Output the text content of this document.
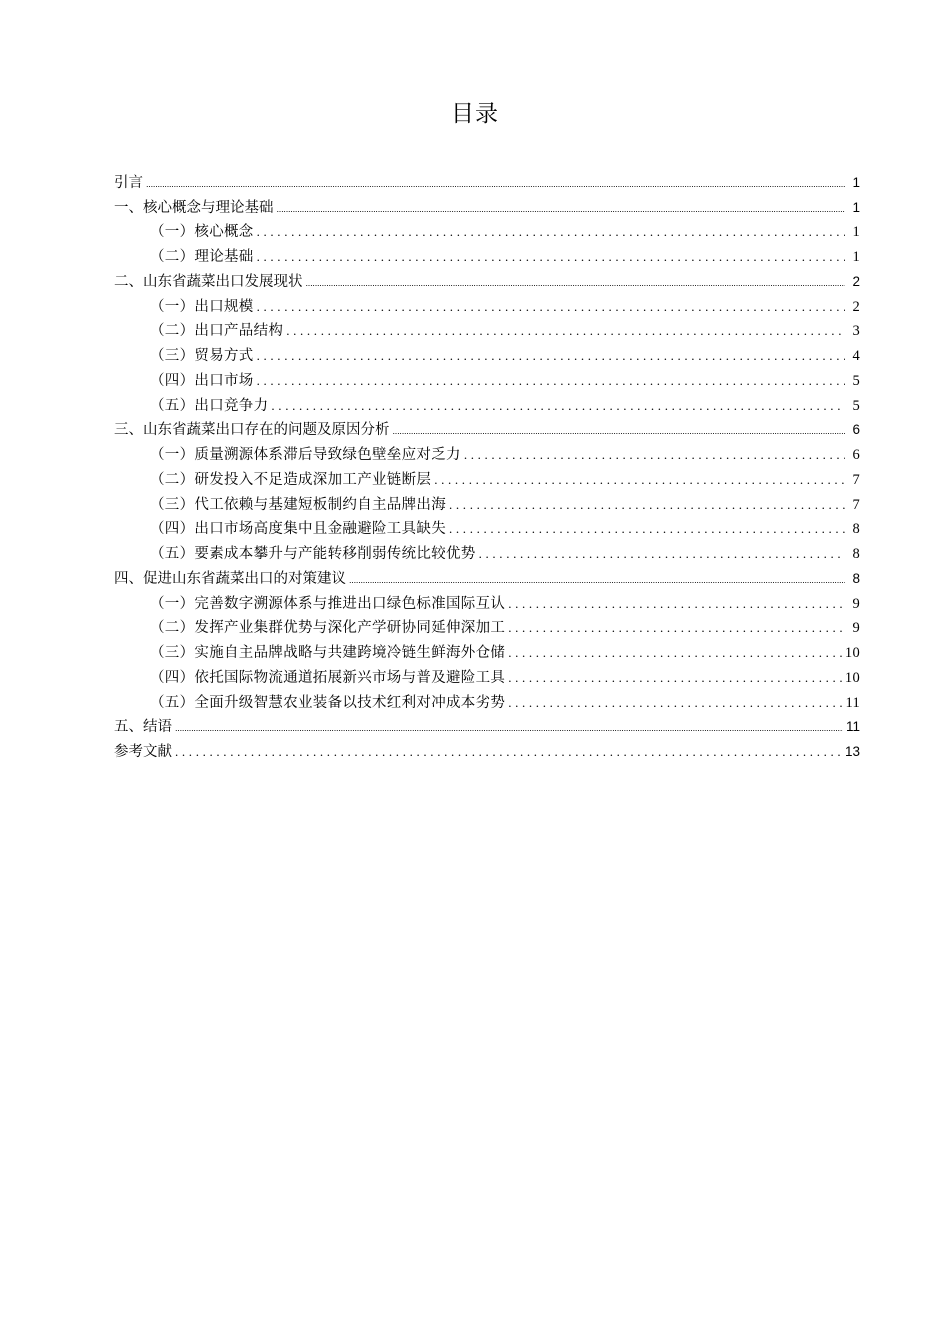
目录
引言 .....	1
一、核心概念与理论基础 .....	1
（一）核心概念 . . .	1
（二）理论基础 . . .	1
二、山东省蔬菜出口发展现状 .....	2
（一）出口规模 . . .	2
（二）出口产品结构 . . .	3
（三）贸易方式 . . .	4
（四）出口市场 . . .	5
（五）出口竞争力 . . .	5
三、山东省蔬菜出口存在的问题及原因分析 .....	6
（一）质量溯源体系滞后导致绿色壁垒应对乏力 . . .	6
（二）研发投入不足造成深加工产业链断层 . . .	7
（三）代工依赖与基建短板制约自主品牌出海 . . .	7
（四）出口市场高度集中且金融避险工具缺失 . . .	8
（五）要素成本攀升与产能转移削弱传统比较优势 . . .	8
四、促进山东省蔬菜出口的对策建议 .....	8
（一）完善数字溯源体系与推进出口绿色标准国际互认 . . .	9
（二）发挥产业集群优势与深化产学研协同延伸深加工 . . .	9
（三）实施自主品牌战略与共建跨境冷链生鲜海外仓储 . . .	10
（四）依托国际物流通道拓展新兴市场与普及避险工具 . . .	10
（五）全面升级智慧农业装备以技术红利对冲成本劣势 . . .	11
五、结语 .....	11
参考文献 . . .	13
